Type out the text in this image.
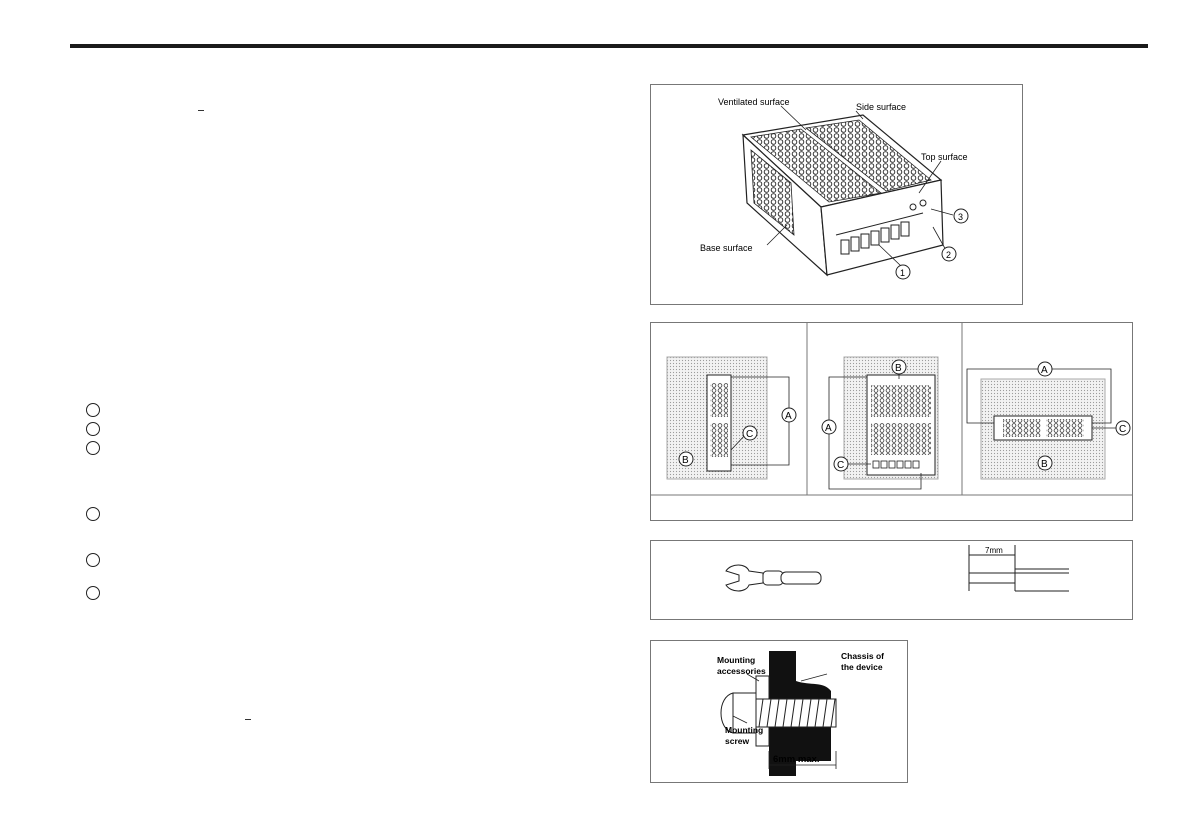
Ventilated surface	Side surface
Top surface
Base surface
1
2
3
A
B
C
B
A
C
A
C
B
7mm
Mounting
accessories
Chassis of
the device
Mounting
screw
6mm max.
